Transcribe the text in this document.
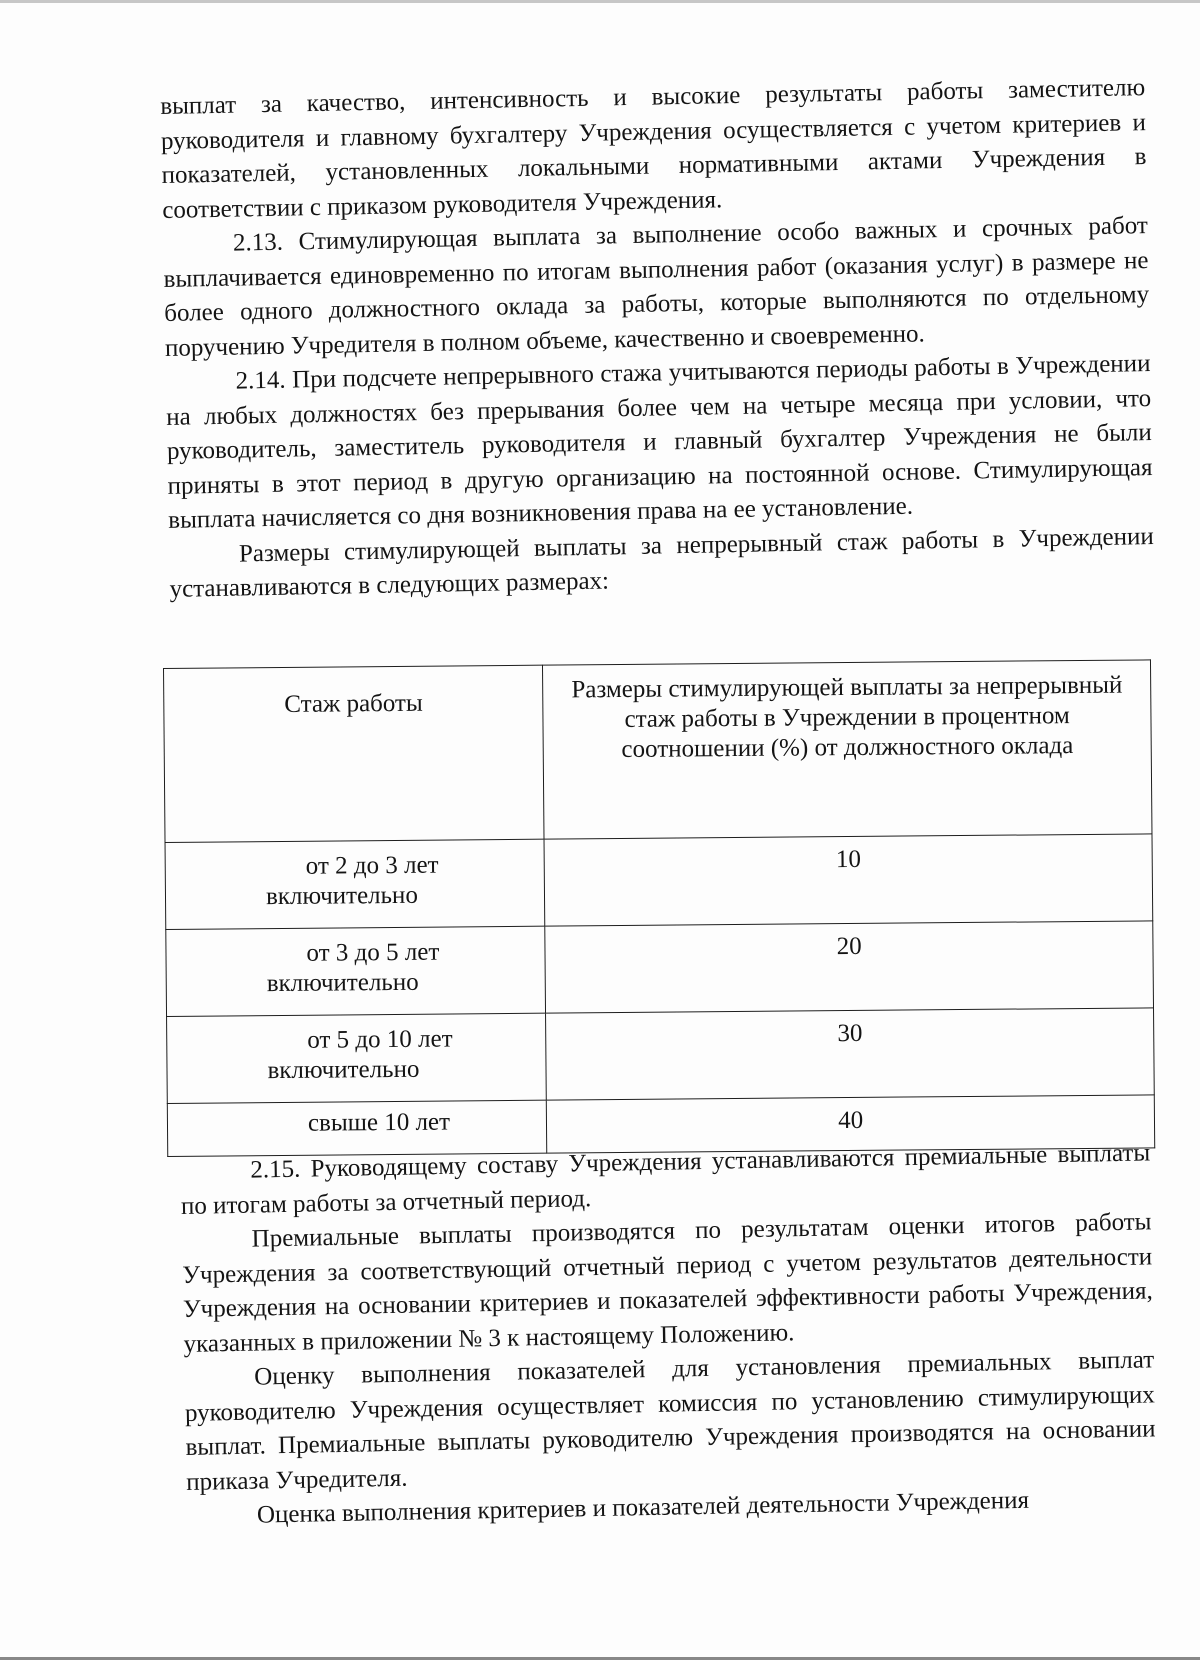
выплат за качество, интенсивность и высокие результаты работы заместителю руководителя и главному бухгалтеру Учреждения осуществляется с учетом критериев и показателей, установленных локальными нормативными актами Учреждения в соответствии с приказом руководителя Учреждения.

2.13. Стимулирующая выплата за выполнение особо важных и срочных работ выплачивается единовременно по итогам выполнения работ (оказания услуг) в размере не более одного должностного оклада за работы, которые выполняются по отдельному поручению Учредителя в полном объеме, качественно и своевременно.

2.14. При подсчете непрерывного стажа учитываются периоды работы в Учреждении на любых должностях без прерывания более чем на четыре месяца при условии, что руководитель, заместитель руководителя и главный бухгалтер Учреждения не были приняты в этот период в другую организацию на постоянной основе. Стимулирующая выплата начисляется со дня возникновения права на ее установление.

Размеры стимулирующей выплаты за непрерывный стаж работы в Учреждении устанавливаются в следующих размерах:

Стаж работы	Размеры стимулирующей выплаты за непрерывный стаж работы в Учреждении в процентном соотношении (%) от должностного оклада
от 2 до 3 лет включительно	10
от 3 до 5 лет включительно	20
от 5 до 10 лет включительно	30
свыше 10 лет	40

2.15. Руководящему составу Учреждения устанавливаются премиальные выплаты по итогам работы за отчетный период.

Премиальные выплаты производятся по результатам оценки итогов работы Учреждения за соответствующий отчетный период с учетом результатов деятельности Учреждения на основании критериев и показателей эффективности работы Учреждения, указанных в приложении № 3 к настоящему Положению.

Оценку выполнения показателей для установления премиальных выплат руководителю Учреждения осуществляет комиссия по установлению стимулирующих выплат. Премиальные выплаты руководителю Учреждения производятся на основании приказа Учредителя.

Оценка выполнения критериев и показателей деятельности Учреждения
